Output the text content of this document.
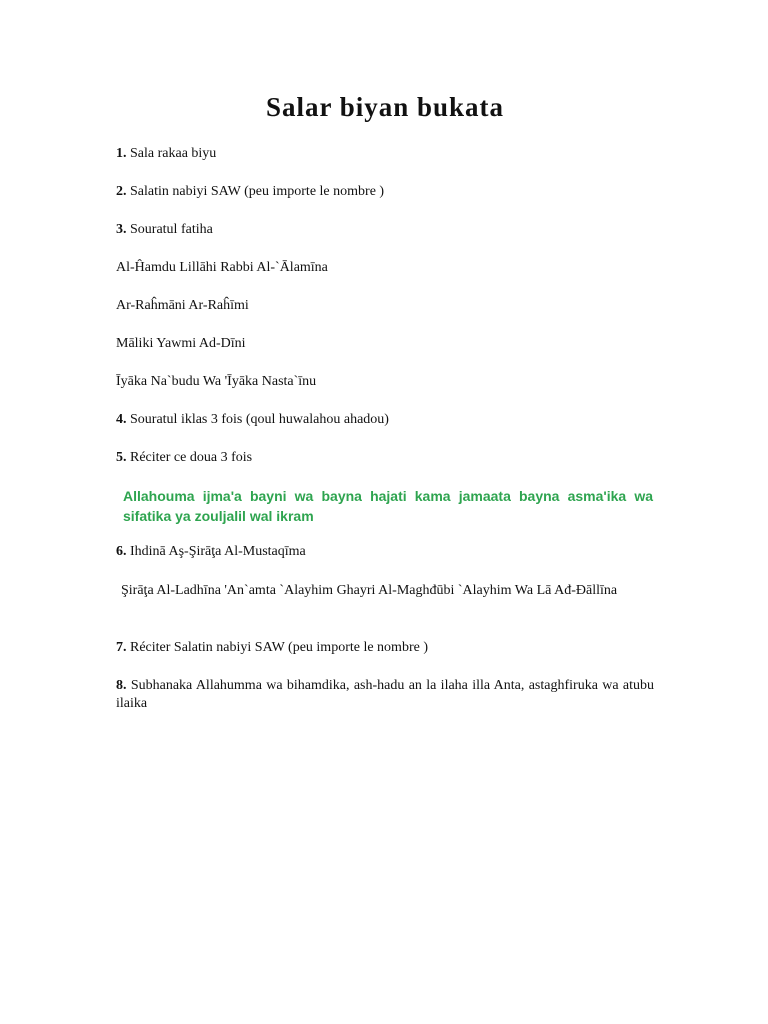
Salar biyan bukata
1. Sala rakaa biyu
2. Salatin nabiyi SAW (peu importe le nombre )
3. Souratul fatiha
Al-Ĥamdu Lillāhi Rabbi Al-`Ālamīna
Ar-Raĥmāni Ar-Raĥīmi
Māliki Yawmi Ad-Dīni
Īyāka Na`budu Wa 'Īyāka Nasta`īnu
4. Souratul iklas 3 fois (qoul huwalahou ahadou)
5. Réciter ce doua 3 fois
Allahouma ijma'a bayni wa bayna hajati kama jamaata bayna asma'ika wa sifatika ya zouljalil wal ikram
6. Ihdinā Aş-Şirāţa Al-Mustaqīma
Şirāţa Al-Ladhīna 'An`amta `Alayhim Ghayri Al-Maghđūbi `Alayhim Wa Lā Ađ-Đāllīna
7. Réciter Salatin nabiyi SAW (peu importe le nombre )
8. Subhanaka Allahumma wa bihamdika, ash-hadu an la ilaha illa Anta, astaghfiruka wa atubu ilaika
